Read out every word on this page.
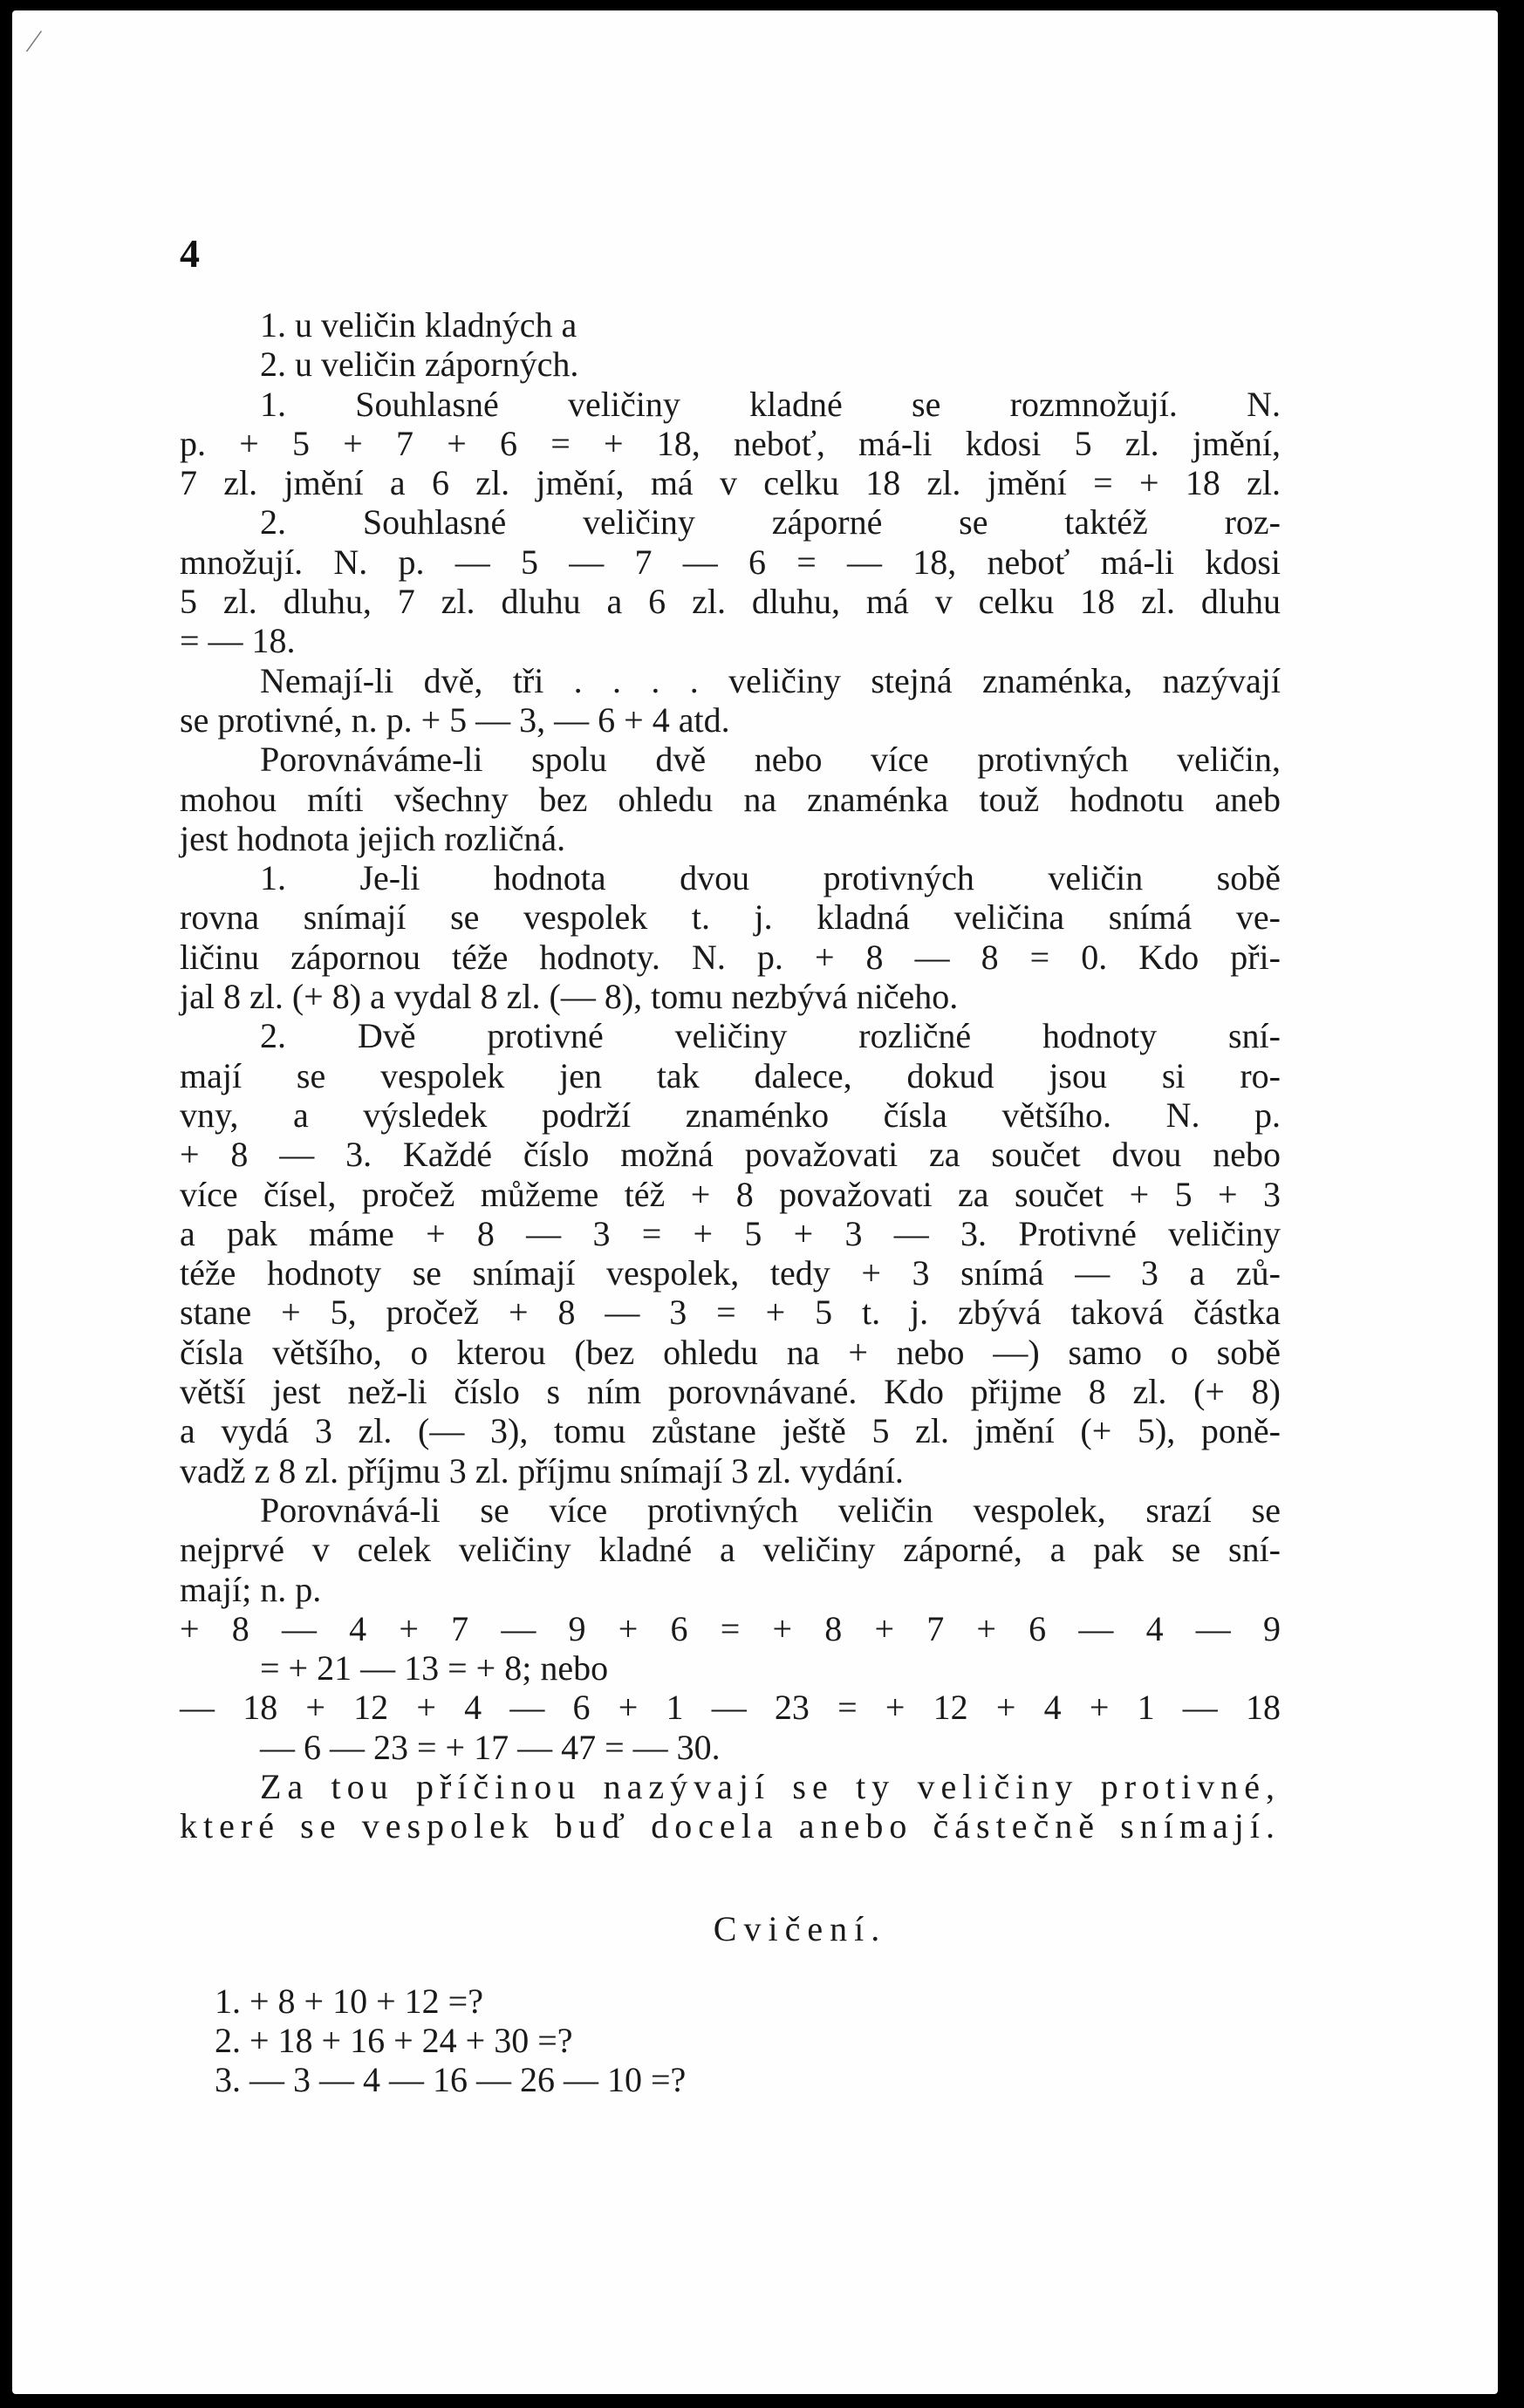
⁄
4
1. u veličin kladných a
2. u veličin záporných.
1. Souhlasné veličiny kladné se rozmnožují. N.
p. + 5 + 7 + 6 = + 18, neboť, má-li kdosi 5 zl. jmění,
7 zl. jmění a 6 zl. jmění, má v celku 18 zl. jmění = + 18 zl.
2. Souhlasné veličiny záporné se taktéž roz-
množují. N. p. — 5 — 7 — 6 = — 18, neboť má-li kdosi
5 zl. dluhu, 7 zl. dluhu a 6 zl. dluhu, má v celku 18 zl. dluhu
= — 18.
Nemají-li dvě, tři . . . . veličiny stejná znaménka, nazývají
se protivné, n. p. + 5 — 3, — 6 + 4 atd.
Porovnáváme-li spolu dvě nebo více protivných veličin,
mohou míti všechny bez ohledu na znaménka touž hodnotu aneb
jest hodnota jejich rozličná.
1. Je-li hodnota dvou protivných veličin sobě
rovna snímají se vespolek t. j. kladná veličina snímá ve-
ličinu zápornou téže hodnoty. N. p. + 8 — 8 = 0. Kdo při-
jal 8 zl. (+ 8) a vydal 8 zl. (— 8), tomu nezbývá ničeho.
2. Dvě protivné veličiny rozličné hodnoty sní-
mají se vespolek jen tak dalece, dokud jsou si ro-
vny, a výsledek podrží znaménko čísla většího. N. p.
+ 8 — 3. Každé číslo možná považovati za součet dvou nebo
více čísel, pročež můžeme též + 8 považovati za součet + 5 + 3
a pak máme + 8 — 3 = + 5 + 3 — 3. Protivné veličiny
téže hodnoty se snímají vespolek, tedy + 3 snímá — 3 a zů-
stane + 5, pročež + 8 — 3 = + 5 t. j. zbývá taková částka
čísla většího, o kterou (bez ohledu na + nebo —) samo o sobě
větší jest než-li číslo s ním porovnávané. Kdo přijme 8 zl. (+ 8)
a vydá 3 zl. (— 3), tomu zůstane ještě 5 zl. jmění (+ 5), poně-
vadž z 8 zl. příjmu 3 zl. příjmu snímají 3 zl. vydání.
Porovnává-li se více protivných veličin vespolek, srazí se
nejprvé v celek veličiny kladné a veličiny záporné, a pak se sní-
mají; n. p.
+ 8 — 4 + 7 — 9 + 6 = + 8 + 7 + 6 — 4 — 9
= + 21 — 13 = + 8; nebo
— 18 + 12 + 4 — 6 + 1 — 23 = + 12 + 4 + 1 — 18
— 6 — 23 = + 17 — 47 = — 30.
Za tou příčinou nazývají se ty veličiny protivné,
které se vespolek buď docela anebo částečně snímají.
Cvičení.
1. + 8 + 10 + 12 =?
2. + 18 + 16 + 24 + 30 =?
3. — 3 — 4 — 16 — 26 — 10 =?
